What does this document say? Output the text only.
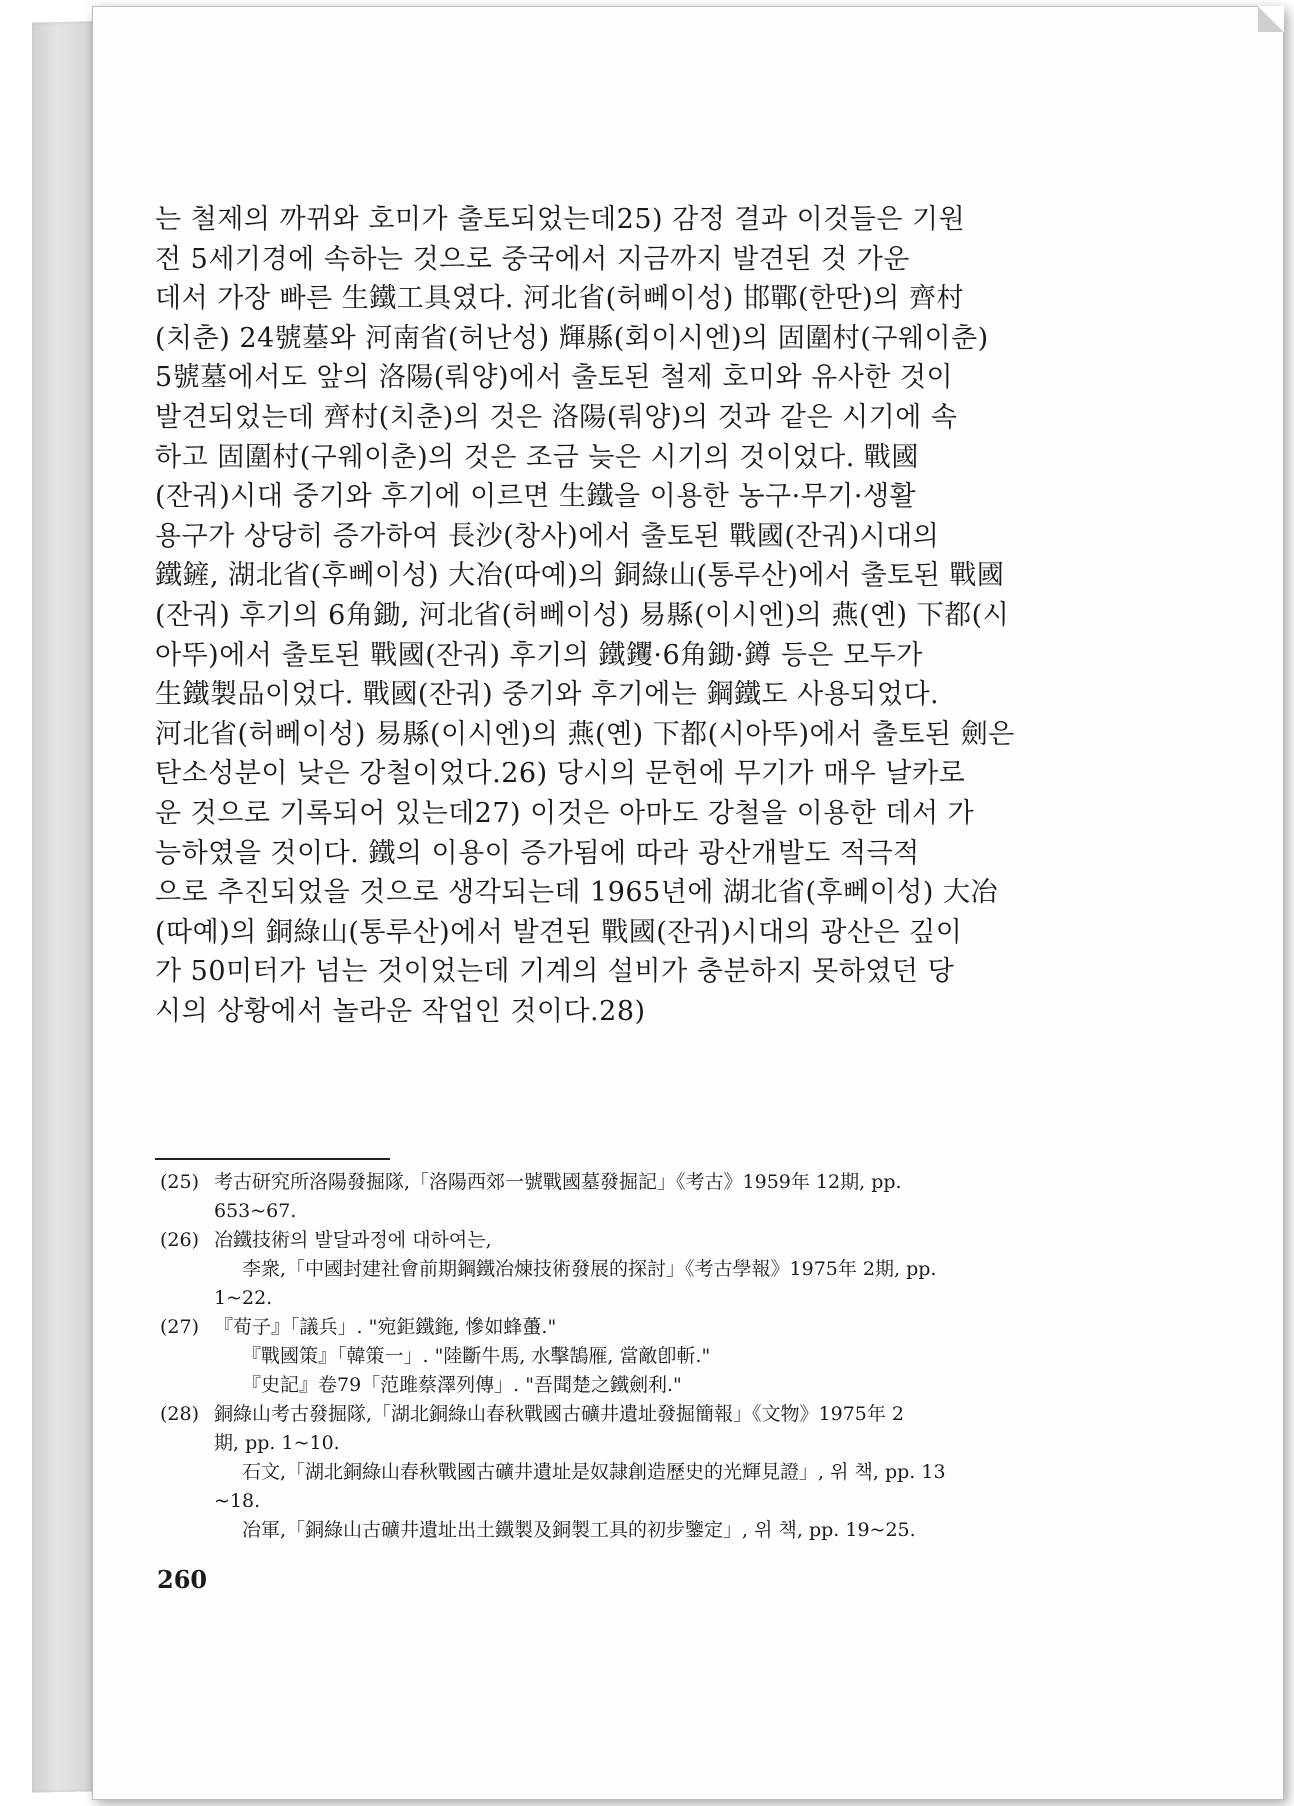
는 철제의 까뀌와 호미가 출토되었는데25) 감정 결과 이것들은 기원
전 5세기경에 속하는 것으로 중국에서 지금까지 발견된 것 가운
데서 가장 빠른 生鐵工具였다. 河北省(허뻬이성) 邯鄲(한딴)의 齊村
(치춘) 24號墓와 河南省(허난성) 輝縣(회이시엔)의 固圍村(구웨이춘)
5號墓에서도 앞의 洛陽(뤄양)에서 출토된 철제 호미와 유사한 것이
발견되었는데 齊村(치춘)의 것은 洛陽(뤄양)의 것과 같은 시기에 속
하고 固圍村(구웨이춘)의 것은 조금 늦은 시기의 것이었다. 戰國
(잔궈)시대 중기와 후기에 이르면 生鐵을 이용한 농구·무기·생활
용구가 상당히 증가하여 長沙(창사)에서 출토된 戰國(잔궈)시대의
鐵鏟, 湖北省(후뻬이성) 大冶(따예)의 銅綠山(통루산)에서 출토된 戰國
(잔궈) 후기의 6角鋤, 河北省(허뻬이성) 易縣(이시엔)의 燕(옌) 下都(시
아뚜)에서 출토된 戰國(잔궈) 후기의 鐵钁·6角鋤·鐏 등은 모두가
生鐵製品이었다. 戰國(잔궈) 중기와 후기에는 鋼鐵도 사용되었다.
河北省(허뻬이성) 易縣(이시엔)의 燕(옌) 下都(시아뚜)에서 출토된 劍은
탄소성분이 낮은 강철이었다.26) 당시의 문헌에 무기가 매우 날카로
운 것으로 기록되어 있는데27) 이것은 아마도 강철을 이용한 데서 가
능하였을 것이다. 鐵의 이용이 증가됨에 따라 광산개발도 적극적
으로 추진되었을 것으로 생각되는데 1965년에 湖北省(후뻬이성) 大冶
(따예)의 銅綠山(통루산)에서 발견된 戰國(잔궈)시대의 광산은 깊이
가 50미터가 넘는 것이었는데 기계의 설비가 충분하지 못하였던 당
시의 상황에서 놀라운 작업인 것이다.28)
(25) 考古研究所洛陽發掘隊,「洛陽西郊一號戰國墓發掘記」《考古》1959年 12期, pp.
653~67.
(26) 冶鐵技術의 발달과정에 대하여는,
李衆,「中國封建社會前期鋼鐵冶煉技術發展的探討」《考古學報》1975年 2期, pp.
1~22.
(27) 『荀子』「議兵」. "宛鉅鐵鉇, 慘如蜂蠆."
『戰國策』「韓策一」. "陸斷牛馬, 水擊鵠雁, 當敵卽斬."
『史記』卷79「范雎蔡澤列傳」. "吾聞楚之鐵劍利."
(28) 銅綠山考古發掘隊,「湖北銅綠山春秋戰國古礦井遺址發掘簡報」《文物》1975年 2
期, pp. 1~10.
石文,「湖北銅綠山春秋戰國古礦井遺址是奴隷創造歷史的光輝見證」, 위 책, pp. 13
~18.
冶軍,「銅綠山古礦井遺址出土鐵製及銅製工具的初步鑒定」, 위 책, pp. 19~25.
260
